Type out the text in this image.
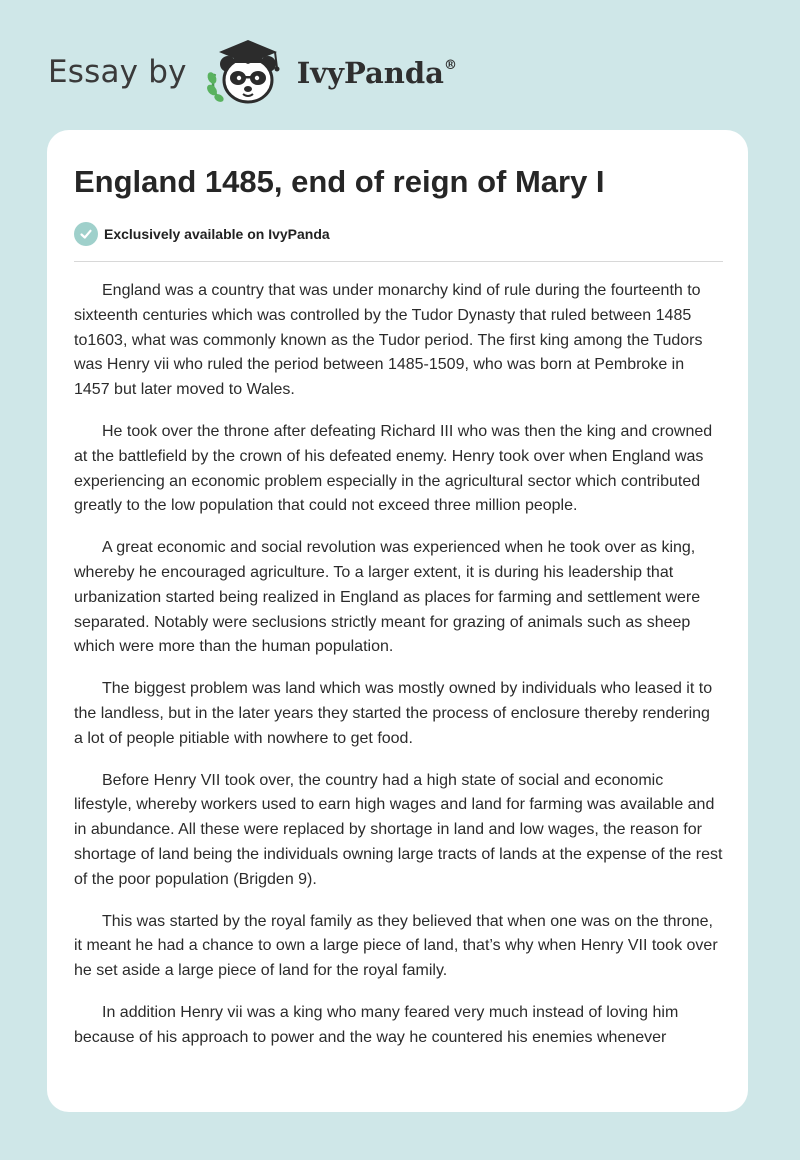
Essay by	IvyPanda®
England 1485, end of reign of Mary I
Exclusively available on IvyPanda

England was a country that was under monarchy kind of rule during the fourteenth to sixteenth centuries which was controlled by the Tudor Dynasty that ruled between 1485 to1603, what was commonly known as the Tudor period. The first king among the Tudors was Henry vii who ruled the period between 1485-1509, who was born at Pembroke in 1457 but later moved to Wales.

He took over the throne after defeating Richard III who was then the king and crowned at the battlefield by the crown of his defeated enemy. Henry took over when England was experiencing an economic problem especially in the agricultural sector which contributed greatly to the low population that could not exceed three million people.

A great economic and social revolution was experienced when he took over as king, whereby he encouraged agriculture. To a larger extent, it is during his leadership that urbanization started being realized in England as places for farming and settlement were separated. Notably were seclusions strictly meant for grazing of animals such as sheep which were more than the human population.

The biggest problem was land which was mostly owned by individuals who leased it to the landless, but in the later years they started the process of enclosure thereby rendering a lot of people pitiable with nowhere to get food.

Before Henry VII took over, the country had a high state of social and economic lifestyle, whereby workers used to earn high wages and land for farming was available and in abundance. All these were replaced by shortage in land and low wages, the reason for shortage of land being the individuals owning large tracts of lands at the expense of the rest of the poor population (Brigden 9).

This was started by the royal family as they believed that when one was on the throne, it meant he had a chance to own a large piece of land, that’s why when Henry VII took over he set aside a large piece of land for the royal family.

In addition Henry vii was a king who many feared very much instead of loving him because of his approach to power and the way he countered his enemies whenever
